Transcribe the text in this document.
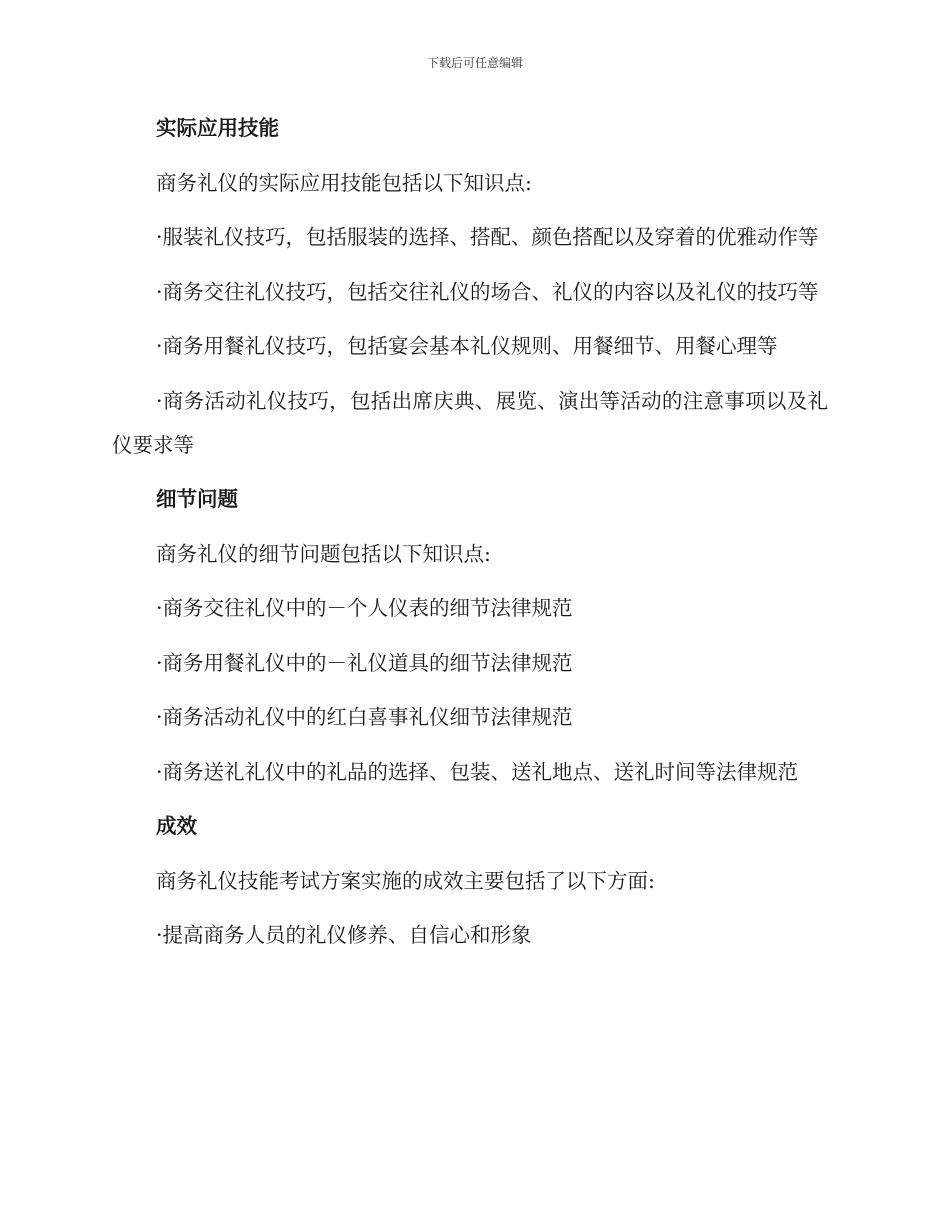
下载后可任意编辑
实际应用技能

商务礼仪的实际应用技能包括以下知识点:

·服装礼仪技巧，包括服装的选择、搭配、颜色搭配以及穿着的优雅动作等

·商务交往礼仪技巧，包括交往礼仪的场合、礼仪的内容以及礼仪的技巧等

·商务用餐礼仪技巧，包括宴会基本礼仪规则、用餐细节、用餐心理等

·商务活动礼仪技巧，包括出席庆典、展览、演出等活动的注意事项以及礼仪要求等

细节问题

商务礼仪的细节问题包括以下知识点:

·商务交往礼仪中的－个人仪表的细节法律规范

·商务用餐礼仪中的－礼仪道具的细节法律规范

·商务活动礼仪中的红白喜事礼仪细节法律规范

·商务送礼礼仪中的礼品的选择、包装、送礼地点、送礼时间等法律规范

成效

商务礼仪技能考试方案实施的成效主要包括了以下方面:

·提高商务人员的礼仪修养、自信心和形象
